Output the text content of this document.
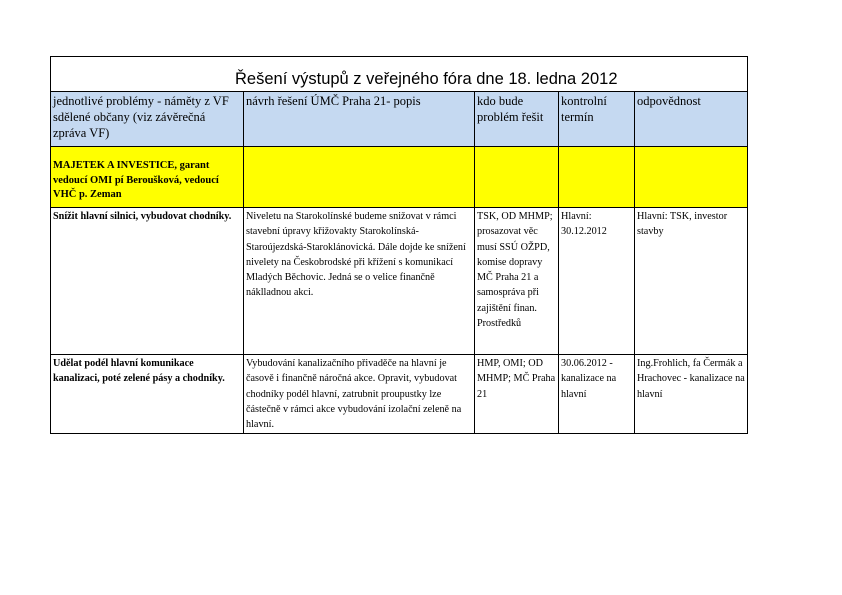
Řešení výstupů z veřejného fóra dne 18. ledna 2012				

jednotlivé problémy - náměty z VF sdělené občany (viz závěrečná zpráva VF)	návrh řešení ÚMČ Praha 21- popis	kdo bude problém řešit	kontrolní termín	odpovědnost

MAJETEK A INVESTICE, garant vedoucí OMI pí Beroušková, vedoucí VHČ p. Zeman				

Snížit hlavní silnici, vybudovat chodníky.	Niveletu na Starokolínské budeme snižovat v rámci stavební úpravy křižovakty Starokolínská-Staroújezdská-Staroklánovická. Dále dojde ke snížení nivelety na Českobrodské při křížení s komunikací Mladých Běchovic. Jedná se o velice finančně náklladnou akci.	TSK, OD MHMP; prosazovat věc musí SSÚ OŽPD, komise dopravy MČ Praha 21 a samospráva při zajištění finan. Prostředků	Hlavní: 30.12.2012	Hlavní: TSK, investor stavby
Udělat podél hlavní komunikace kanalizaci, poté zelené pásy a chodníky.	Vybudování kanalizačního přivaděče na hlavní je časově i finančně náročná akce. Opravit, vybudovat chodníky podél hlavní, zatrubnit proupustky lze částečně v rámci akce vybudování izolační zeleně na hlavní.	HMP, OMI; OD MHMP; MČ Praha 21	30.06.2012 - kanalizace na hlavní	Ing.Frohlich, fa Čermák a Hrachovec - kanalizace na hlavní
